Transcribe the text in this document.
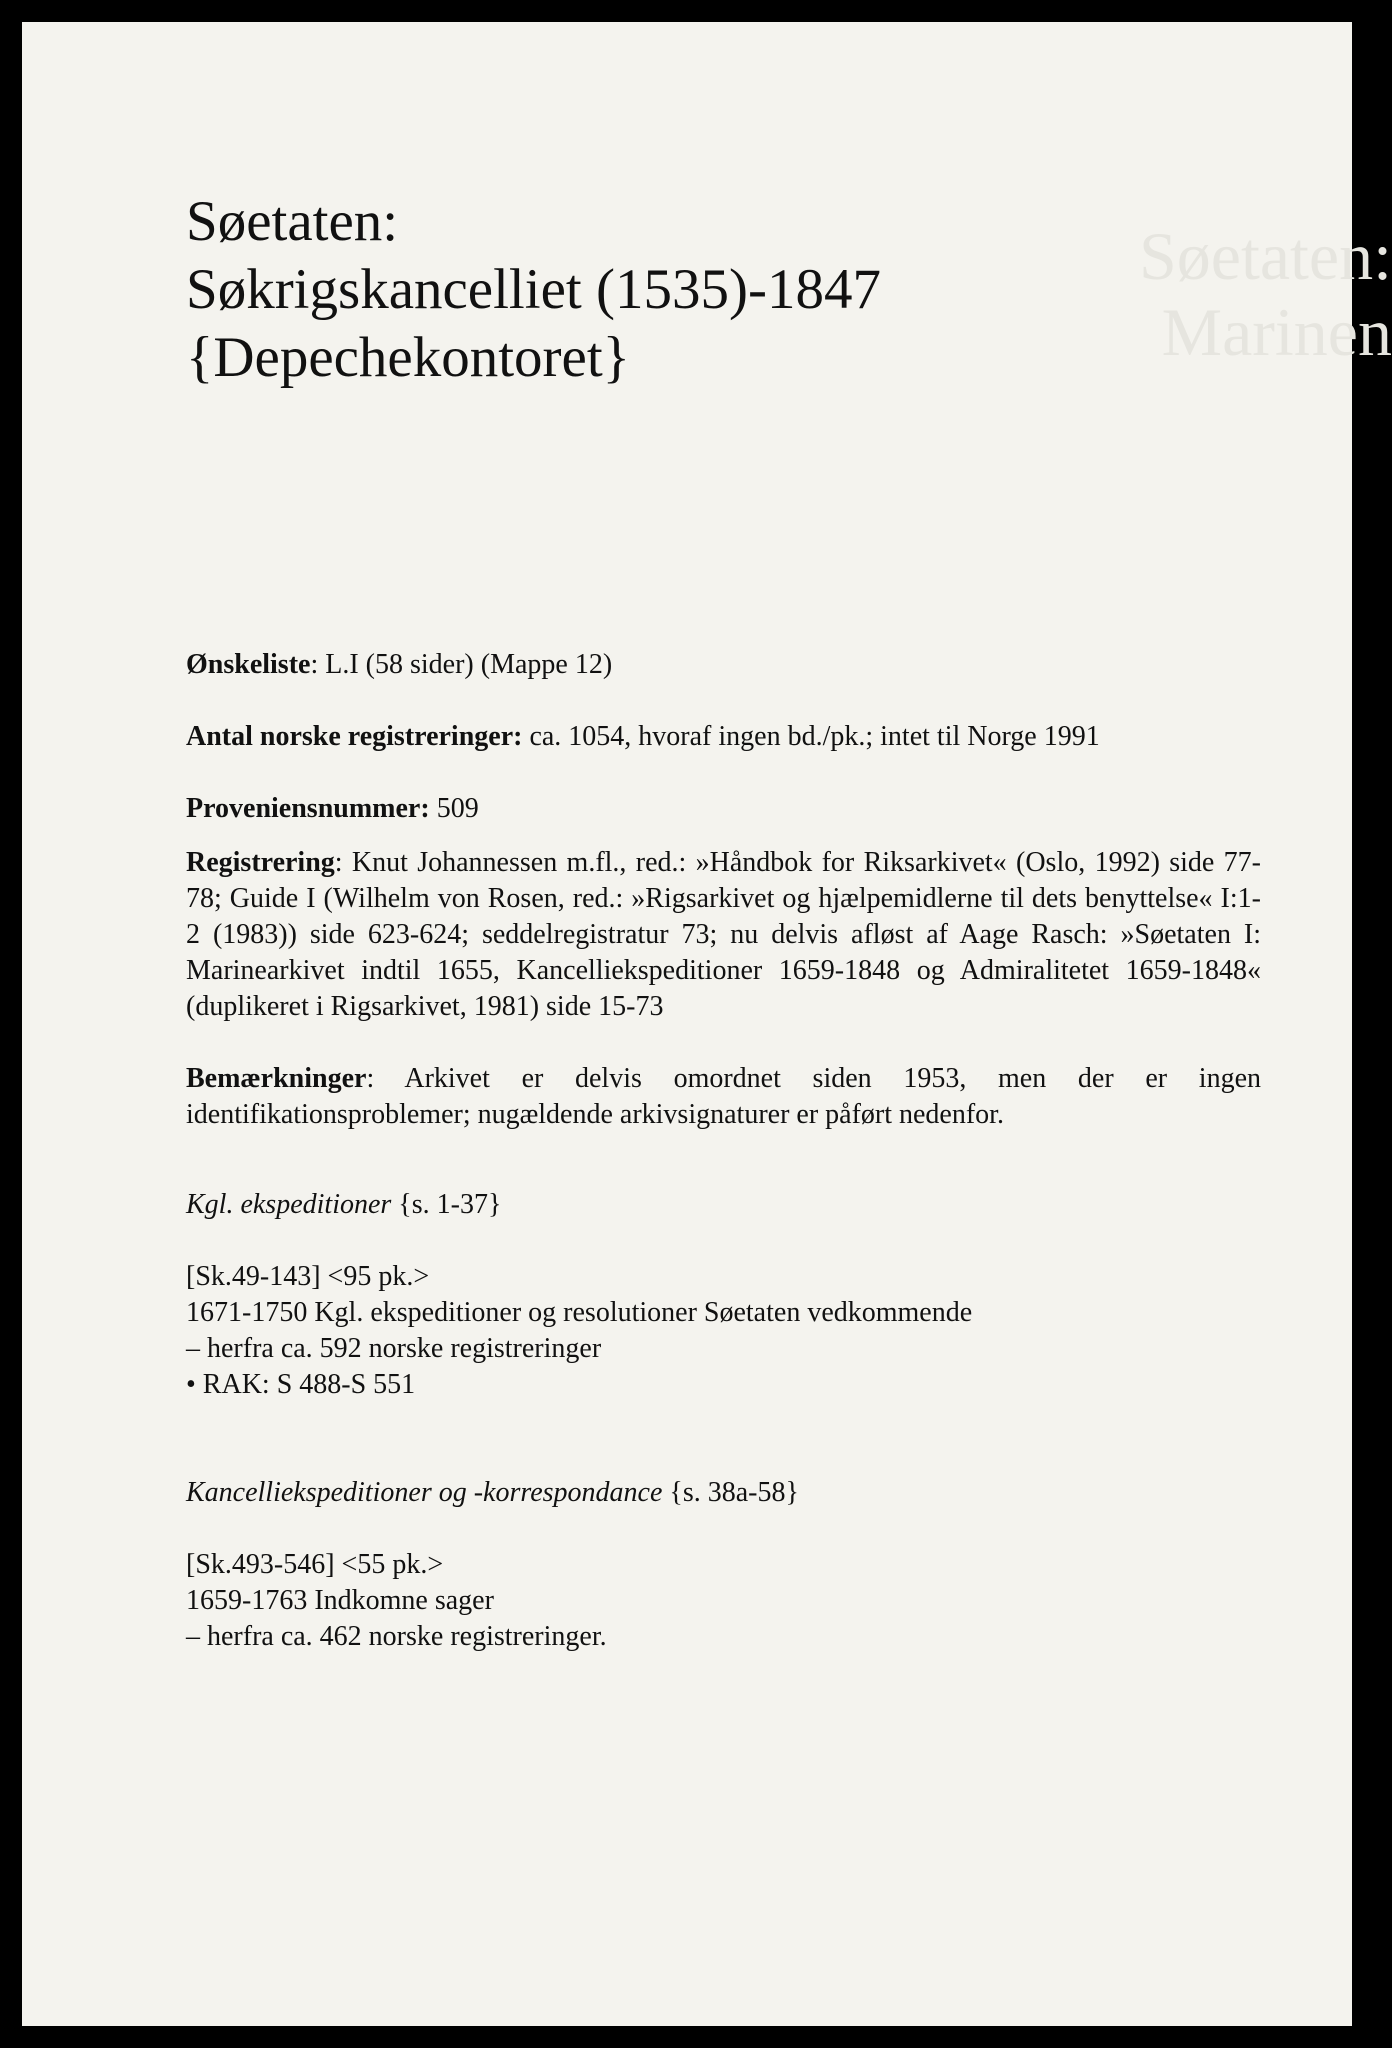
Søetaten:
Marinen
Søetaten:
Søkrigskancelliet (1535)-1847
{Depechekontoret}

Ønskeliste: L.I (58 sider) (Mappe 12)

Antal norske registreringer: ca. 1054, hvoraf ingen bd./pk.; intet til Norge 1991

Proveniensnummer: 509

Registrering: Knut Johannessen m.fl., red.: »Håndbok for Riksarkivet« (Oslo, 1992) side 77-78; Guide I (Wilhelm von Rosen, red.: »Rigsarkivet og hjælpemidlerne til dets benyttelse« I:1-2 (1983)) side 623-624; seddelregistratur 73; nu delvis afløst af Aage Rasch: »Søetaten I: Marinearkivet indtil 1655, Kancelliekspeditioner 1659-1848 og Admiralitetet 1659-1848« (duplikeret i Rigsarkivet, 1981) side 15-73

Bemærkninger: Arkivet er delvis omordnet siden 1953, men der er ingen identifikationsproblemer; nugældende arkivsignaturer er påført nedenfor.

Kgl. ekspeditioner {s. 1-37}

[Sk.49-143] <95 pk.>

1671-1750 Kgl. ekspeditioner og resolutioner Søetaten vedkommende

– herfra ca. 592 norske registreringer

• RAK: S 488-S 551

Kancelliekspeditioner og -korrespondance {s. 38a-58}

[Sk.493-546] <55 pk.>

1659-1763 Indkomne sager

– herfra ca. 462 norske registreringer.
